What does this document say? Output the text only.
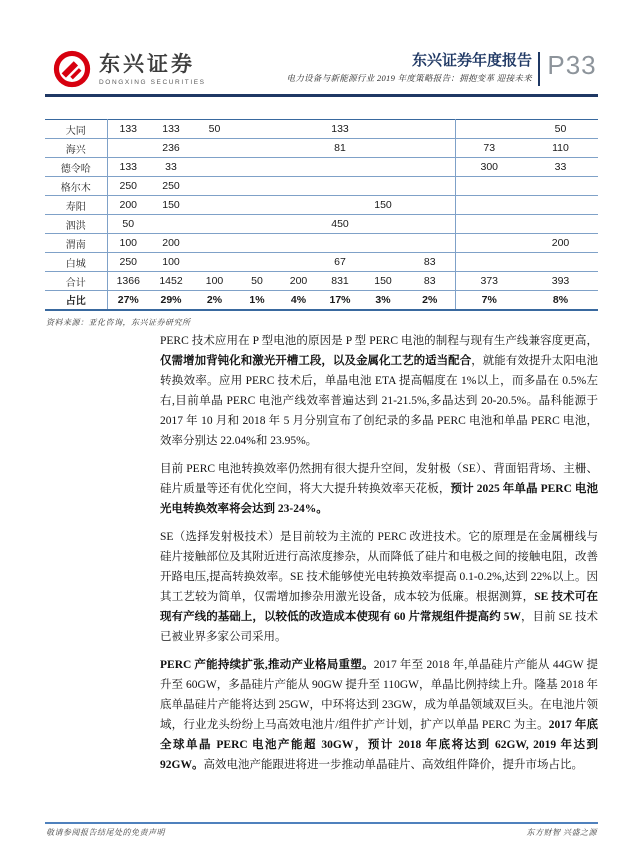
东兴证券
DONGXING SECURITIES
东兴证券年度报告
电力设备与新能源行业 2019 年度策略报告：拥抱变革 迎接未来 P33
大同	133	133	50			133				50
海兴		236				81			73	110
德令哈	133	33							300	33
格尔木	250	250								
寿阳	200	150					150			
泗洪	50					450				
渭南	100	200								200
白城	250	100				67		83		
合计	1366	1452	100	50	200	831	150	83	373	393
占比	27%	29%	2%	1%	4%	17%	3%	2%	7%	8%
资料来源：亚化咨询，东兴证券研究所

PERC 技术应用在 P 型电池的原因是 P 型 PERC 电池的制程与现有生产线兼容度更高，仅需增加背钝化和激光开槽工段，以及金属化工艺的适当配合，就能有效提升太阳电池转换效率。应用 PERC 技术后，单晶电池 ETA 提高幅度在 1%以上，而多晶在 0.5%左右,目前单晶 PERC 电池产线效率普遍达到 21-21.5%,多晶达到 20-20.5%。晶科能源于 2017 年 10 月和 2018 年 5 月分别宣布了创纪录的多晶 PERC 电池和单晶 PERC 电池，效率分别达 22.04%和 23.95%。

目前 PERC 电池转换效率仍然拥有很大提升空间，发射极（SE）、背面铝背场、主栅、硅片质量等还有优化空间，将大大提升转换效率天花板，预计 2025 年单晶 PERC 电池光电转换效率将会达到 23-24%。

SE（选择发射极技术）是目前较为主流的 PERC 改进技术。它的原理是在金属栅线与硅片接触部位及其附近进行高浓度掺杂，从而降低了硅片和电极之间的接触电阻，改善开路电压,提高转换效率。SE 技术能够使光电转换效率提高 0.1-0.2%,达到 22%以上。因其工艺较为简单，仅需增加掺杂用激光设备，成本较为低廉。根据测算，SE 技术可在现有产线的基础上，以较低的改造成本使现有 60 片常规组件提高约 5W，目前 SE 技术已被业界多家公司采用。

PERC 产能持续扩张,推动产业格局重塑。2017 年至 2018 年,单晶硅片产能从 44GW 提升至 60GW，多晶硅片产能从 90GW 提升至 110GW，单晶比例持续上升。隆基 2018 年底单晶硅片产能将达到 25GW，中环将达到 23GW，成为单晶领域双巨头。在电池片领域，行业龙头纷纷上马高效电池片/组件扩产计划，扩产以单晶 PERC 为主。2017 年底全球单晶 PERC 电池产能超 30GW，预计 2018 年底将达到 62GW, 2019 年达到 92GW。高效电池产能跟进将进一步推动单晶硅片、高效组件降价，提升市场占比。

敬请参阅报告结尾处的免责声明	东方财智 兴盛之源
